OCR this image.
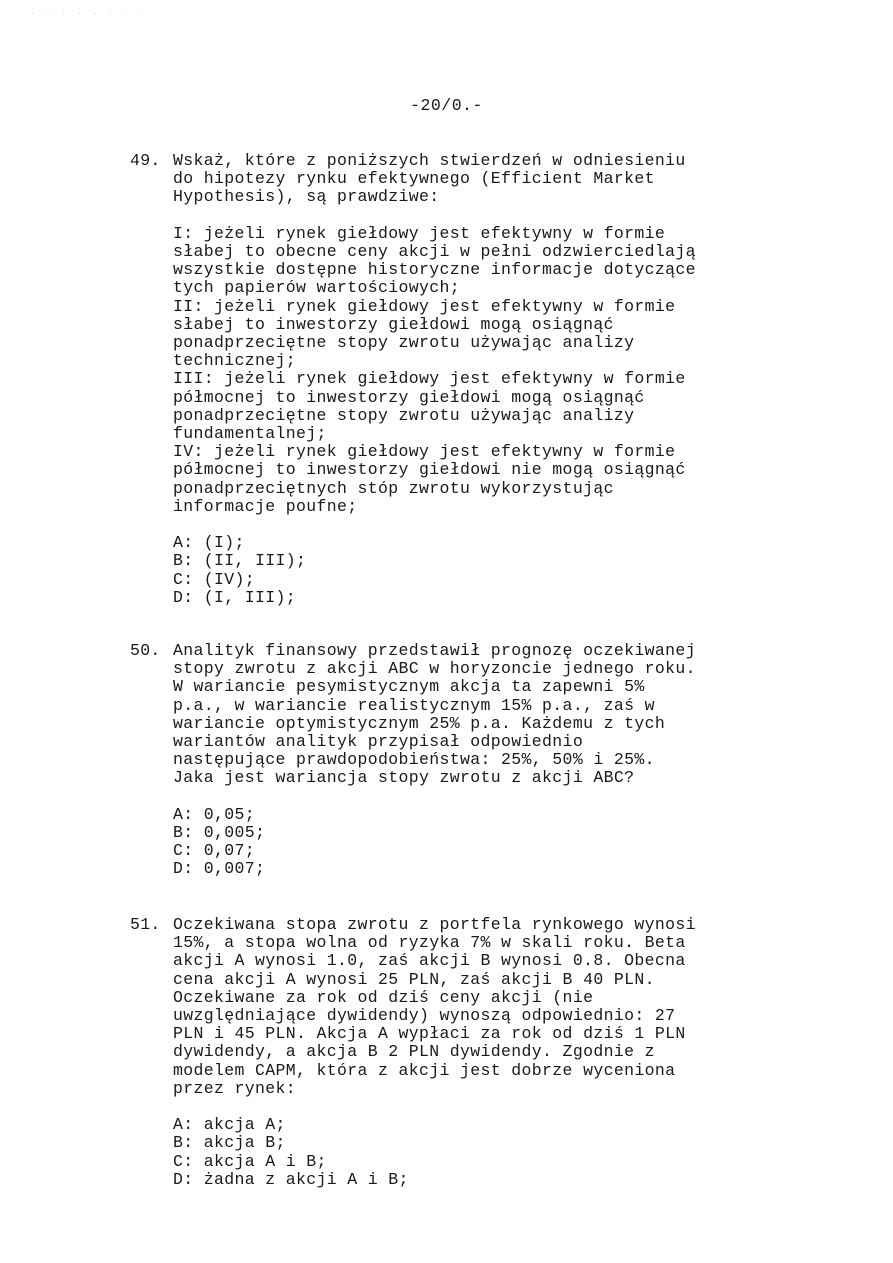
· · · · · · · ·
-20/0.-
49. Wskaż, które z poniższych stwierdzeń w odniesieniu
do hipotezy rynku efektywnego (Efficient Market
Hypothesis), są prawdziwe:
I: jeżeli rynek giełdowy jest efektywny w formie
słabej to obecne ceny akcji w pełni odzwierciedlają
wszystkie dostępne historyczne informacje dotyczące
tych papierów wartościowych;
II: jeżeli rynek giełdowy jest efektywny w formie
słabej to inwestorzy giełdowi mogą osiągnąć
ponadprzeciętne stopy zwrotu używając analizy
technicznej;
III: jeżeli rynek giełdowy jest efektywny w formie
półmocnej to inwestorzy giełdowi mogą osiągnąć
ponadprzeciętne stopy zwrotu używając analizy
fundamentalnej;
IV: jeżeli rynek giełdowy jest efektywny w formie
półmocnej to inwestorzy giełdowi nie mogą osiągnąć
ponadprzeciętnych stóp zwrotu wykorzystując
informacje poufne;
A: (I);
B: (II, III);
C: (IV);
D: (I, III);
50. Analityk finansowy przedstawił prognozę oczekiwanej
stopy zwrotu z akcji ABC w horyzoncie jednego roku.
W wariancie pesymistycznym akcja ta zapewni 5%
p.a., w wariancie realistycznym 15% p.a., zaś w
wariancie optymistycznym 25% p.a. Każdemu z tych
wariantów analityk przypisał odpowiednio
następujące prawdopodobieństwa: 25%, 50% i 25%.
Jaka jest wariancja stopy zwrotu z akcji ABC?
A: 0,05;
B: 0,005;
C: 0,07;
D: 0,007;
51. Oczekiwana stopa zwrotu z portfela rynkowego wynosi
15%, a stopa wolna od ryzyka 7% w skali roku. Beta
akcji A wynosi 1.0, zaś akcji B wynosi 0.8. Obecna
cena akcji A wynosi 25 PLN, zaś akcji B 40 PLN.
Oczekiwane za rok od dziś ceny akcji (nie
uwzględniające dywidendy) wynoszą odpowiednio: 27
PLN i 45 PLN. Akcja A wypłaci za rok od dziś 1 PLN
dywidendy, a akcja B 2 PLN dywidendy. Zgodnie z
modelem CAPM, która z akcji jest dobrze wyceniona
przez rynek:
A: akcja A;
B: akcja B;
C: akcja A i B;
D: żadna z akcji A i B;
